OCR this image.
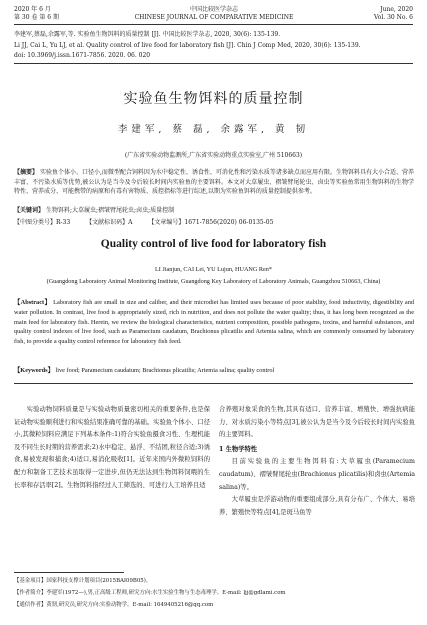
2020 年 6 月
第 30 卷 第 6 期
中国比较医学杂志
CHINESE JOURNAL OF COMPARATIVE MEDICINE
June, 2020
Vol. 30 No. 6
李建军,蔡磊,余露军,等. 实验鱼生物饵料的质量控制 [J]. 中国比较医学杂志, 2020, 30(6): 135-139.
Li JJ, Cai L, Yu LJ, et al. Quality control of live food for laboratory fish [J]. Chin J Comp Med, 2020, 30(6): 135-139.
doi: 10.3969/j.issn.1671-7856. 2020. 06. 020
实验鱼生物饵料的质量控制
李建军, 蔡 磊, 余露军, 黄 韧
(广东省实验动物监测所,广东省实验动物重点实验室,广州 510663)
【摘要】 实验鱼个体小、口径小,而微型配合饲料因为水中稳定性、诱食性、可消化性和污染水质等诸多缺点而应用有限。生物饵料具有大小合适、营养丰富、不污染水质等优势,被公认为是当今及今后较长时间内实验鱼的主要饵料。本文对大草履虫、褶皱臂尾轮虫、卤虫等实验鱼常用生物饵料的生物学特性、营养成分、可能携带的病原和有毒有害物质、质控指标等进行综述,以期为实验鱼饵料的质量控制提供参考。
【关键词】 生物饵料;大草履虫;褶皱臂尾轮虫;卤虫;质量控制
【中图分类号】R-33	【文献标识码】A	【文章编号】1671-7856(2020) 06-0135-05
Quality control of live food for laboratory fish
LI Jianjun, CAI Lei, YU Lujun, HUANG Ren*
(Guangdong Laboratory Animal Monitoring Institute, Guangdong Key Laboratory of Laboratory Animals, Guangzhou 510663, China)
【Abstract】 Laboratory fish are small in size and caliber, and their microdiet has limited uses because of poor stability, food inductivity, digestibility and water pollution. In contrast, live food is appropriately sized, rich in nutrition, and does not pollute the water quality; thus, it has long been recognized as the main feed for laboratory fish. Herein, we review the biological characteristics, nutrient composition, possible pathogens, toxins, and harmful substances, and quality control indexes of live food, such as Paramecium caudatum, Brachionus plicatilis and Artemia salina, which are commonly consumed by laboratory fish, to provide a quality control reference for laboratory fish feed.
【Keywords】 live food; Paramecium caudatum; Brachionus plicatilis; Artemia salina; quality control
实验动物饲料质量是与实验动物质量密切相关的重要条件,也是保证动物实验顺利进行和实验结果准确可靠的基础。实验鱼个体小、口径小,其微粒饲料应满足下列基本条件:1)符合实验鱼摄食习性、生理机能及不同生长时期的营养需求;2)水中稳定、悬浮、不结团,粒径合适;3)诱食,易被发现和捕食;4)适口,易消化吸收[1]。近年来国内外微粒饲料的配方和制备工艺技术虽取得一定进步,但仍无法达到生物饵料饲喂的生长率和存活率[2]。生物饵料指经过人工筛选的、可进行人工培养且适
合养殖对象采食的生物,其具有适口、营养丰富、增殖快、增强抗病能力、对水质污染小等特点[3],被公认为是当今及今后较长时间内实验鱼的主要饵料。
1 生物学特性
目前实验鱼的主要生物饵料有:大草履虫(Paramecium caudatum)、褶皱臂尾轮虫(Brachionus plicatilis)和卤虫(Artemia salina)等。
大草履虫是浮游动物的重要组成部分,具有分布广、个体大、易培养、繁殖快等特点[4],是斑马鱼等
【基金项目】国家科技支撑计划项目(2015BAI09B05)。
【作者简介】李建军(1972—),男,正高级工程师,研究方向:水生实验生物与生态毒理学。E-mail: ljj@gdlami.com
【通信作者】黄韧,研究员,研究方向:实验动物学。E-mail: 1649405216@qq.com
